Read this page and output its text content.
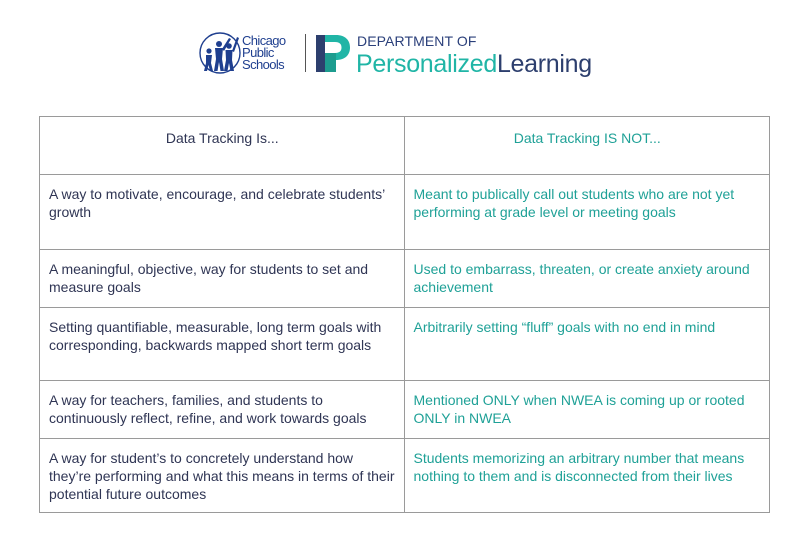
Chicago
Public
Schools
DEPARTMENT OF
PersonalizedLearning
Data Tracking Is...	Data Tracking IS NOT...
A way to motivate, encourage, and celebrate students’ growth	Meant to publically call out students who are not yet performing at grade level or meeting goals
A meaningful, objective, way for students to set and measure goals	Used to embarrass, threaten, or create anxiety around achievement
Setting quantifiable, measurable, long term goals with corresponding, backwards mapped short term goals	Arbitrarily setting “fluff” goals with no end in mind
A way for teachers, families, and students to continuously reflect, refine, and work towards goals	Mentioned ONLY when NWEA is coming up or rooted ONLY in NWEA
A way for student’s to concretely understand how they’re performing and what this means in terms of their potential future outcomes	Students memorizing an arbitrary number that means nothing to them and is disconnected from their lives
